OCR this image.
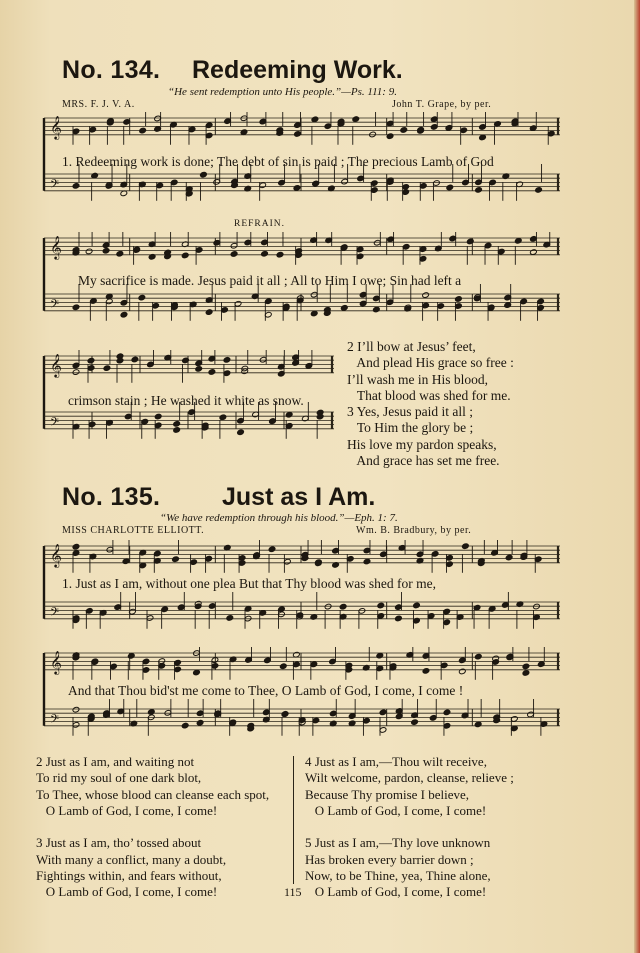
No. 134. Redeeming Work.
“He sent redemption unto His people.”—Ps. 111: 9.
MRS. F. J. V. A.	John T. Grape, by per.
𝄞
𝄢
1. Redeeming work is done; The debt of sin is paid ; The precious Lamb of God
REFRAIN.
𝄞
𝄢
My sacrifice is made. Jesus paid it all ; All to Him I owe; Sin had left a
𝄞
𝄢
crimson stain ; He washed it white as snow.
2 I’ll bow at Jesus’ feet,
And plead His grace so free :
I’ll wash me in His blood,
That blood was shed for me.
3 Yes, Jesus paid it all ;
To Him the glory be ;
His love my pardon speaks,
And grace has set me free.
No. 135. Just as I Am.
“We have redemption through his blood.”—Eph. 1: 7.
MISS CHARLOTTE ELLIOTT.	Wm. B. Bradbury, by per.
𝄞
𝄢
1. Just as I am, without one plea But that Thy blood was shed for me,
𝄞
𝄢
And that Thou bid'st me come to Thee, O Lamb of God, I come, I come !
2 Just as I am, and waiting not
To rid my soul of one dark blot,
To Thee, whose blood can cleanse each spot,
O Lamb of God, I come, I come!

3 Just as I am, tho’ tossed about
With many a conflict, many a doubt,
Fightings within, and fears without,
O Lamb of God, I come, I come!
4 Just as I am,—Thou wilt receive,
Wilt welcome, pardon, cleanse, relieve ;
Because Thy promise I believe,
O Lamb of God, I come, I come!

5 Just as I am,—Thy love unknown
Has broken every barrier down ;
Now, to be Thine, yea, Thine alone,
O Lamb of God, I come, I come!
115
